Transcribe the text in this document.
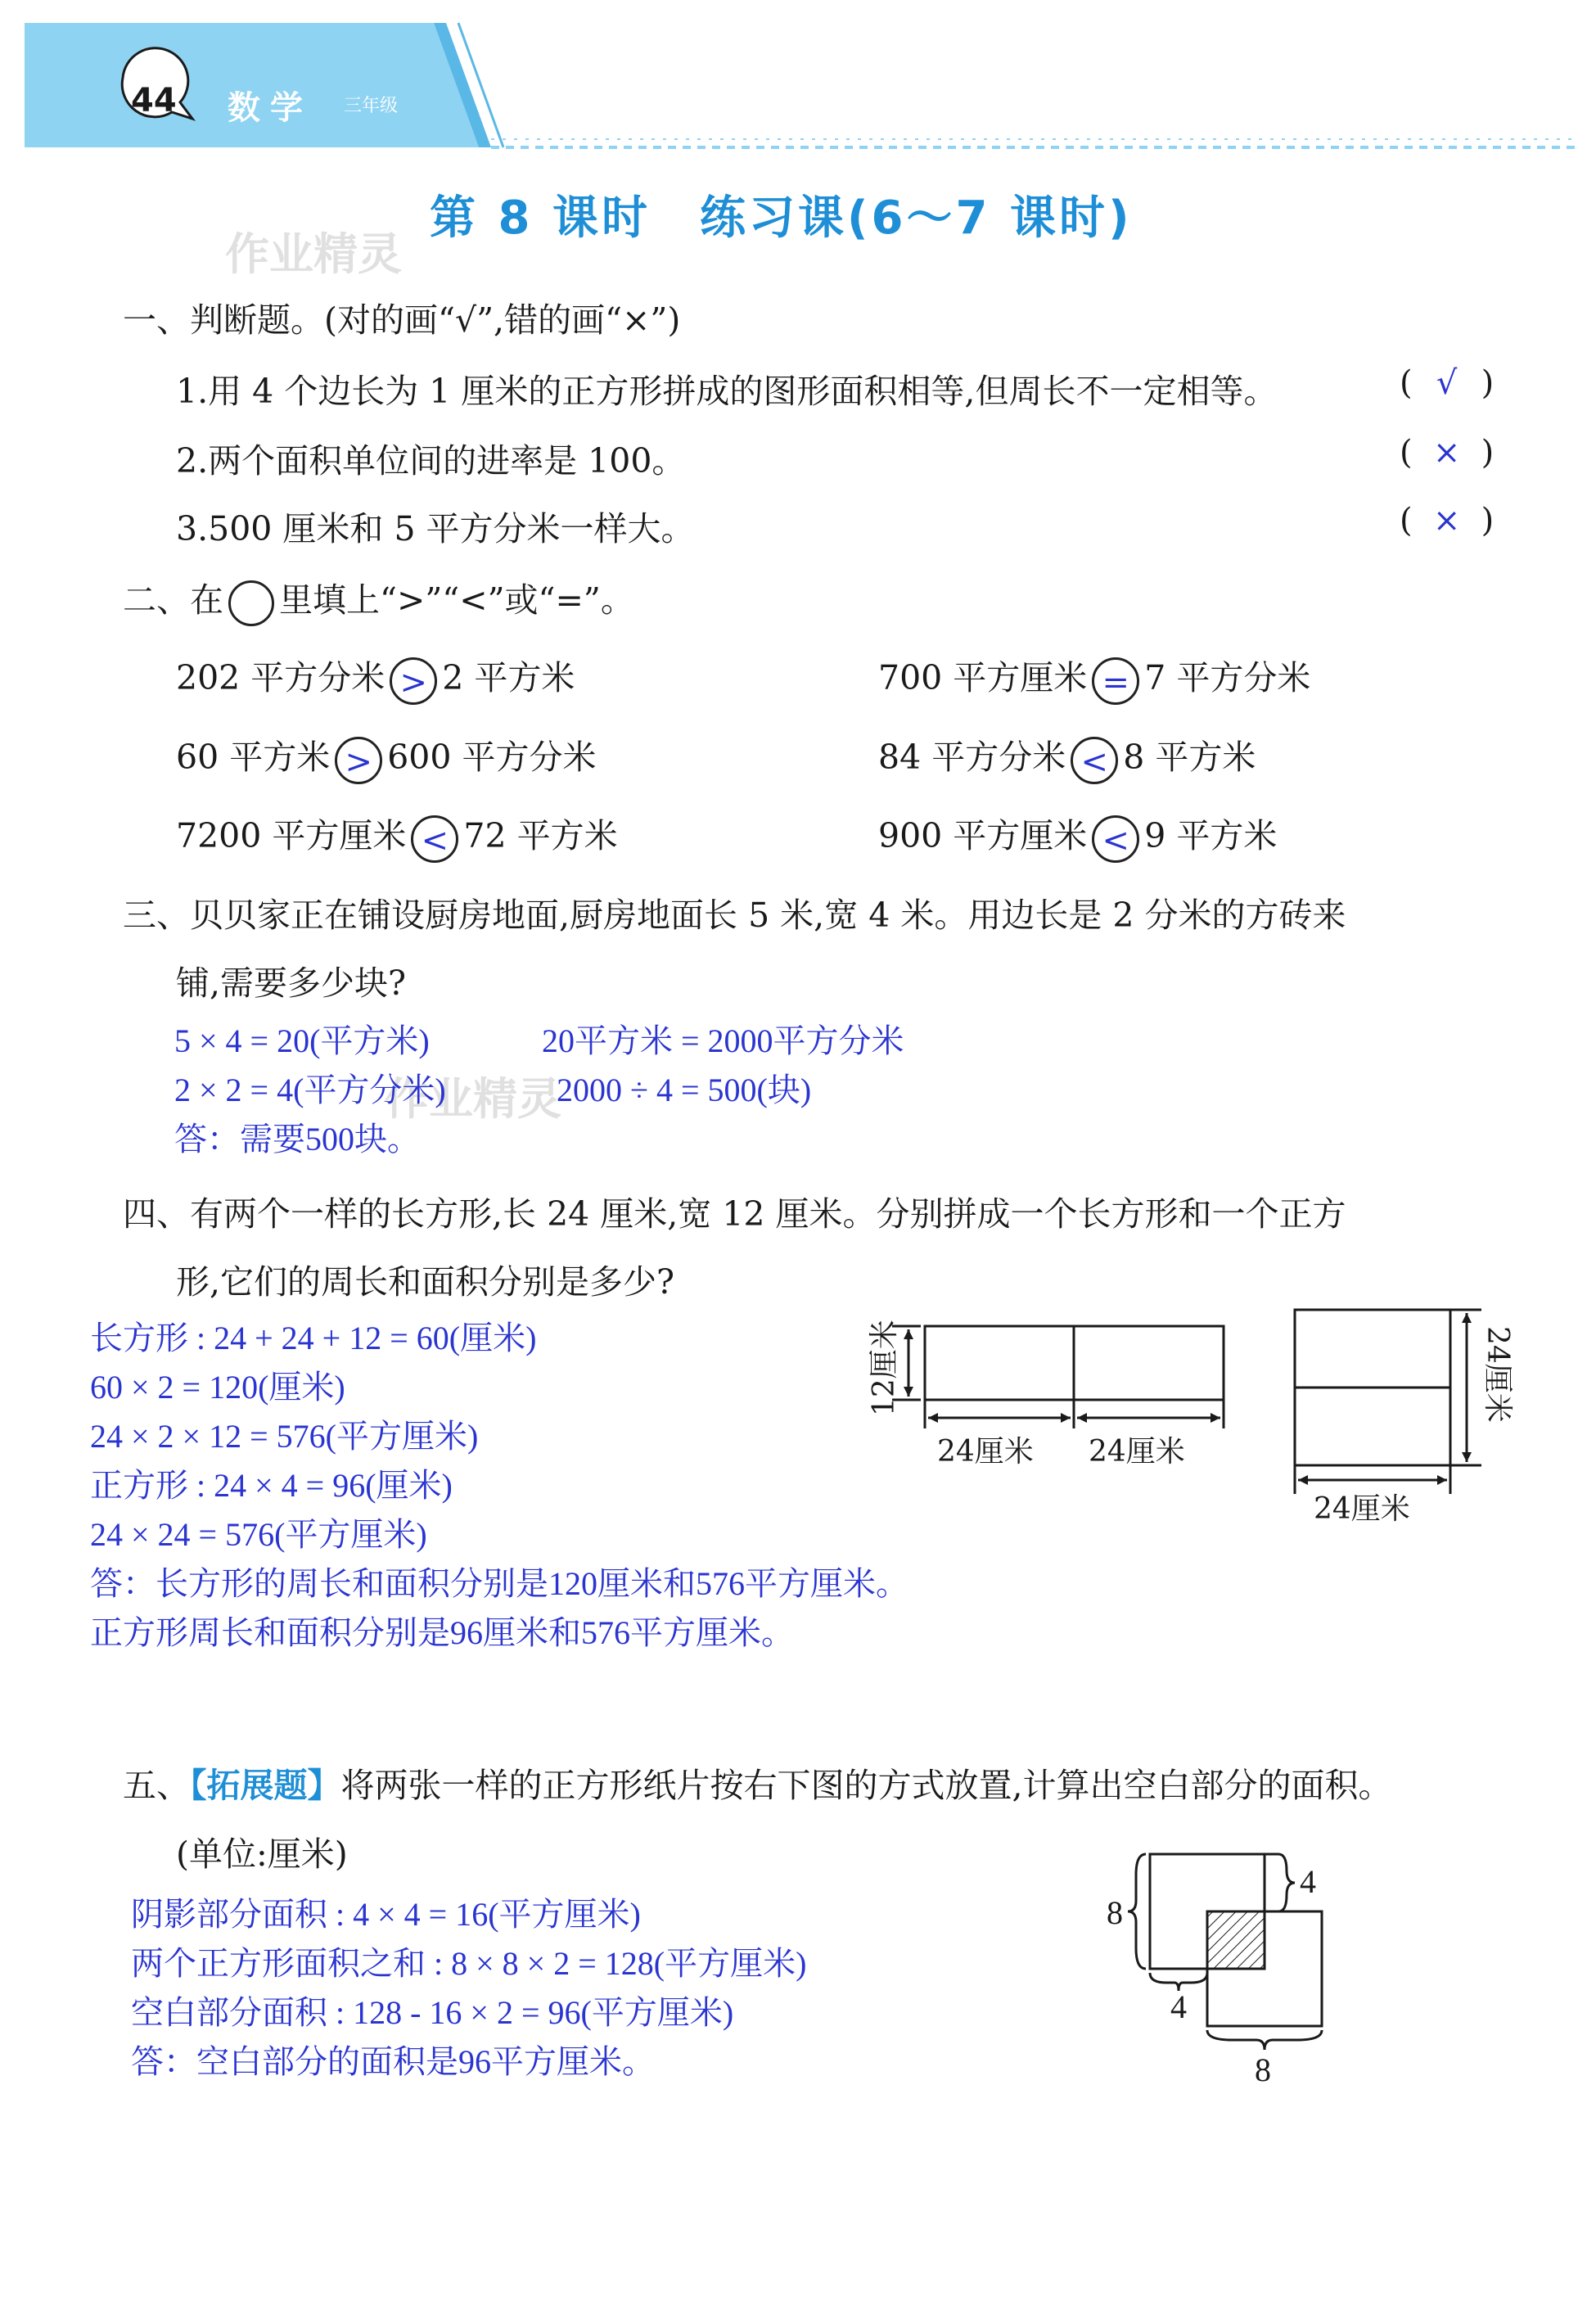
44 数学 三年级
第 8 课时　练习课(6～7 课时)
作业精灵
作业精灵
一、判断题。(对的画“√”,错的画“×”)
1.用 4 个边长为 1 厘米的正方形拼成的图形面积相等,但周长不一定相等。	( √ )
2.两个面积单位间的进率是 100。	( × )
3.500 厘米和 5 平方分米一样大。	( × )
二、在 里填上“>”“<”或“=”。
202 平方分米 > 2 平方米	700 平方厘米 = 7 平方分米
60 平方米 > 600 平方分米	84 平方分米 < 8 平方米
7200 平方厘米 < 72 平方米	900 平方厘米 < 9 平方米
三、贝贝家正在铺设厨房地面,厨房地面长 5 米,宽 4 米。用边长是 2 分米的方砖来
铺,需要多少块?
5 × 4 = 20(平方米)	20平方米 = 2000平方分米
2 × 2 = 4(平方分米)	2000 ÷ 4 = 500(块)
答：需要500块。
四、有两个一样的长方形,长 24 厘米,宽 12 厘米。分别拼成一个长方形和一个正方
形,它们的周长和面积分别是多少?
长方形 : 24 + 24 + 12 = 60(厘米)
60 × 2 = 120(厘米)
24 × 2 × 12 = 576(平方厘米)
正方形 : 24 × 4 = 96(厘米)
24 × 24 = 576(平方厘米)
答：长方形的周长和面积分别是120厘米和576平方厘米。
正方形周长和面积分别是96厘米和576平方厘米。
12厘米
24厘米 24厘米
24厘米
24厘米
五、【拓展题】将两张一样的正方形纸片按右下图的方式放置,计算出空白部分的面积。
(单位:厘米)
阴影部分面积 : 4 × 4 = 16(平方厘米)
两个正方形面积之和 : 8 × 8 × 2 = 128(平方厘米)
空白部分面积 : 128 - 16 × 2 = 96(平方厘米)
答：空白部分的面积是96平方厘米。
8
4
4
8
